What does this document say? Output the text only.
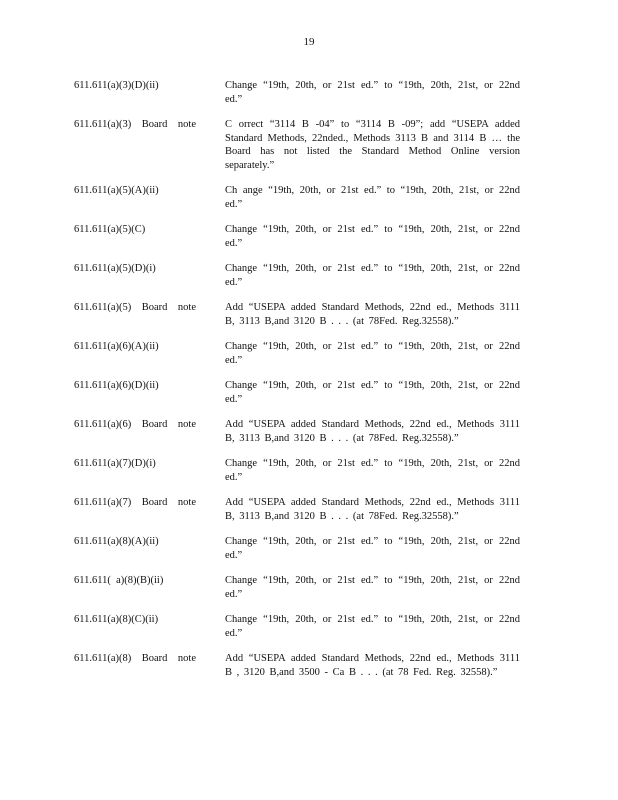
19
611.611(a)(3)(D)(ii)	Change “19th, 20th, or 21st ed.” to “19th, 20th, 21st, or 22nd ed.”
611.611(a)(3)    Board    note	C orrect “3114 B -04” to “3114 B -09”; add “USEPA added Standard Methods, 22nded., Methods 3113 B and 3114 B … the Board has not listed the Standard Method Online version separately.”
611.611(a)(5)(A)(ii)	Ch ange “19th, 20th, or 21st ed.” to “19th, 20th, 21st, or 22nd ed.”
611.611(a)(5)(C)	Change “19th, 20th, or 21st ed.” to “19th, 20th, 21st, or 22nd ed.”
611.611(a)(5)(D)(i)	Change “19th, 20th, or 21st ed.” to “19th, 20th, 21st, or 22nd ed.”
611.611(a)(5)    Board    note	Add “USEPA added Standard Methods, 22nd ed., Methods 3111 B, 3113 B,and 3120 B . . . (at 78Fed. Reg.32558).”
611.611(a)(6)(A)(ii)	Change “19th, 20th, or 21st ed.” to “19th, 20th, 21st, or 22nd ed.”
611.611(a)(6)(D)(ii)	Change “19th, 20th, or 21st ed.” to “19th, 20th, 21st, or 22nd ed.”
611.611(a)(6)    Board    note	Add “USEPA added Standard Methods, 22nd ed., Methods 3111 B, 3113 B,and 3120 B . . . (at 78Fed. Reg.32558).”
611.611(a)(7)(D)(i)	Change “19th, 20th, or 21st ed.” to “19th, 20th, 21st, or 22nd ed.”
611.611(a)(7)    Board    note	Add “USEPA added Standard Methods, 22nd ed., Methods 3111 B, 3113 B,and 3120 B . . . (at 78Fed. Reg.32558).”
611.611(a)(8)(A)(ii)	Change “19th, 20th, or 21st ed.” to “19th, 20th, 21st, or 22nd ed.”
611.611(  a)(8)(B)(ii)	Change “19th, 20th, or 21st ed.” to “19th, 20th, 21st, or 22nd ed.”
611.611(a)(8)(C)(ii)	Change “19th, 20th, or 21st ed.” to “19th, 20th, 21st, or 22nd ed.”
611.611(a)(8)    Board    note	Add “USEPA added Standard Methods, 22nd ed., Methods 3111 B , 3120 B,and 3500 - Ca B . . . (at 78 Fed. Reg. 32558).”
